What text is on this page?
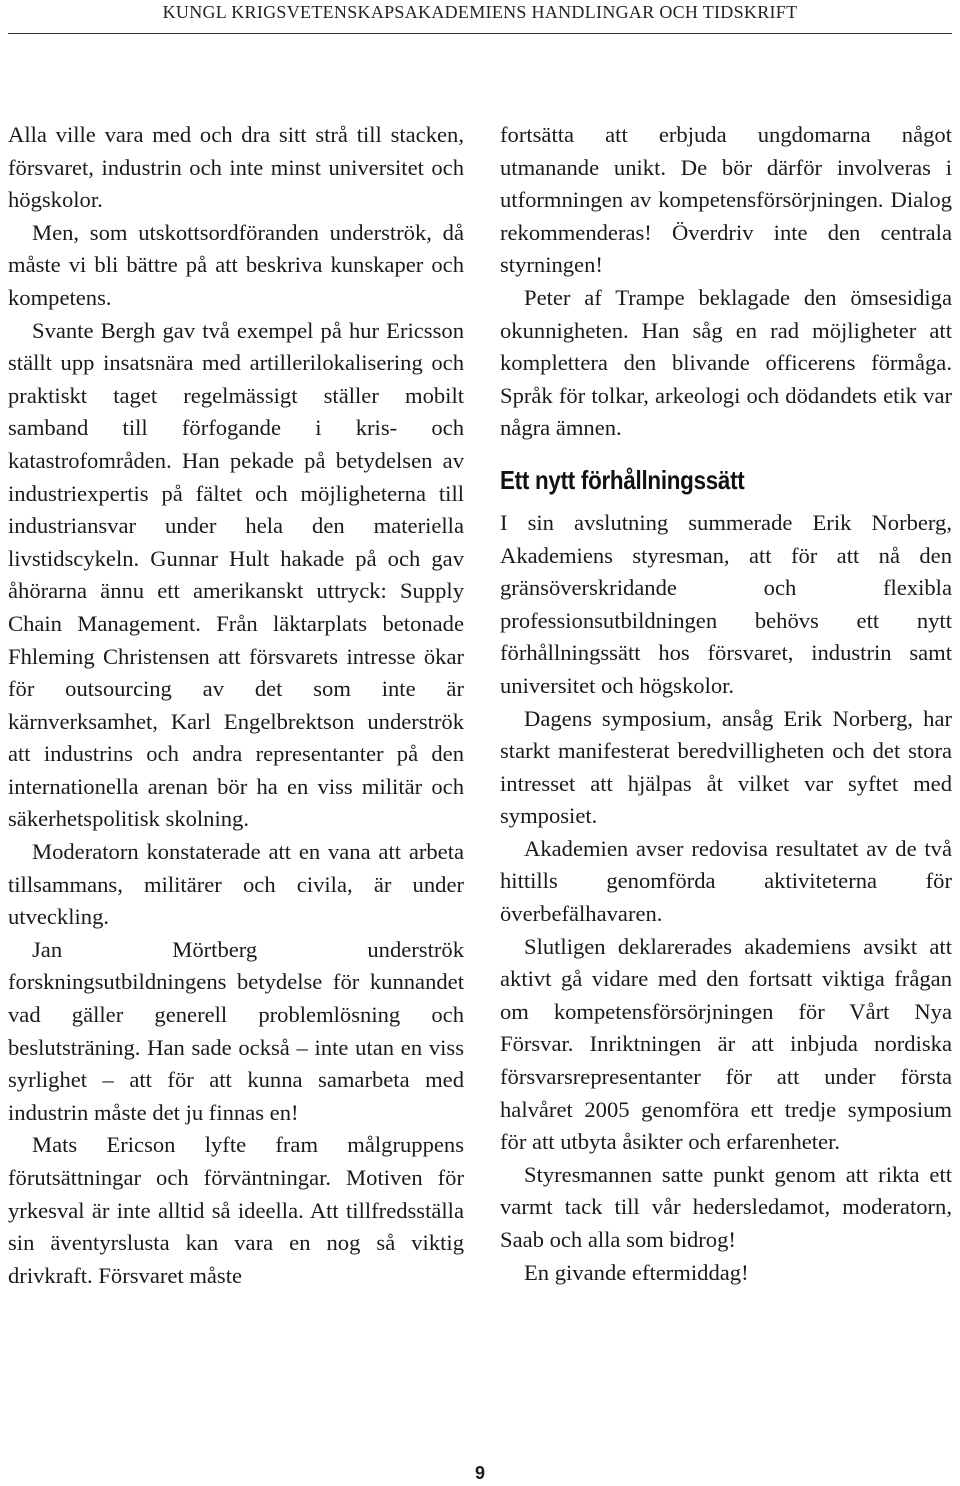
KUNGL KRIGSVETENSKAPSAKADEMIENS HANDLINGAR OCH TIDSKRIFT

Alla ville vara med och dra sitt strå till stacken, försvaret, industrin och inte minst universitet och högskolor.

Men, som utskottsordföranden underströk, då måste vi bli bättre på att beskriva kunskaper och kompetens.

Svante Bergh gav två exempel på hur Ericsson ställt upp insatsnära med artillerilokalisering och praktiskt taget regelmässigt ställer mobilt samband till förfogande i kris- och katastrofområden. Han pekade på betydelsen av industriexpertis på fältet och möjligheterna till industriansvar under hela den materiella livstidscykeln. Gunnar Hult hakade på och gav åhörarna ännu ett amerikanskt uttryck: Supply Chain Management. Från läktarplats betonade Fhleming Christensen att försvarets intresse ökar för outsourcing av det som inte är kärnverksamhet, Karl Engelbrektson underströk att industrins och andra representanter på den internationella arenan bör ha en viss militär och säkerhetspolitisk skolning.

Moderatorn konstaterade att en vana att arbeta tillsammans, militärer och civila, är under utveckling.

Jan Mörtberg underströk forskningsutbildningens betydelse för kunnandet vad gäller generell problemlösning och beslutsträning. Han sade också – inte utan en viss syrlighet – att för att kunna samarbeta med industrin måste det ju finnas en!

Mats Ericson lyfte fram målgruppens förutsättningar och förväntningar. Motiven för yrkesval är inte alltid så ideella. Att tillfredsställa sin äventyrslusta kan vara en nog så viktig drivkraft. Försvaret måste

fortsätta att erbjuda ungdomarna något utmanande unikt. De bör därför involveras i utformningen av kompetensförsörjningen. Dialog rekommenderas! Överdriv inte den centrala styrningen!

Peter af Trampe beklagade den ömsesidiga okunnigheten. Han såg en rad möjligheter att komplettera den blivande officerens förmåga. Språk för tolkar, arkeologi och dödandets etik var några ämnen.

Ett nytt förhållningssätt

I sin avslutning summerade Erik Norberg, Akademiens styresman, att för att nå den gränsöverskridande och flexibla professionsutbildningen behövs ett nytt förhållningssätt hos försvaret, industrin samt universitet och högskolor.

Dagens symposium, ansåg Erik Norberg, har starkt manifesterat beredvilligheten och det stora intresset att hjälpas åt vilket var syftet med symposiet.

Akademien avser redovisa resultatet av de två hittills genomförda aktiviteterna för överbefälhavaren.

Slutligen deklarerades akademiens avsikt att aktivt gå vidare med den fortsatt viktiga frågan om kompetensförsörjningen för Vårt Nya Försvar. Inriktningen är att inbjuda nordiska försvarsrepresentanter för att under första halvåret 2005 genomföra ett tredje symposium för att utbyta åsikter och erfarenheter.

Styresmannen satte punkt genom att rikta ett varmt tack till vår hedersledamot, moderatorn, Saab och alla som bidrog!

En givande eftermiddag!

9
